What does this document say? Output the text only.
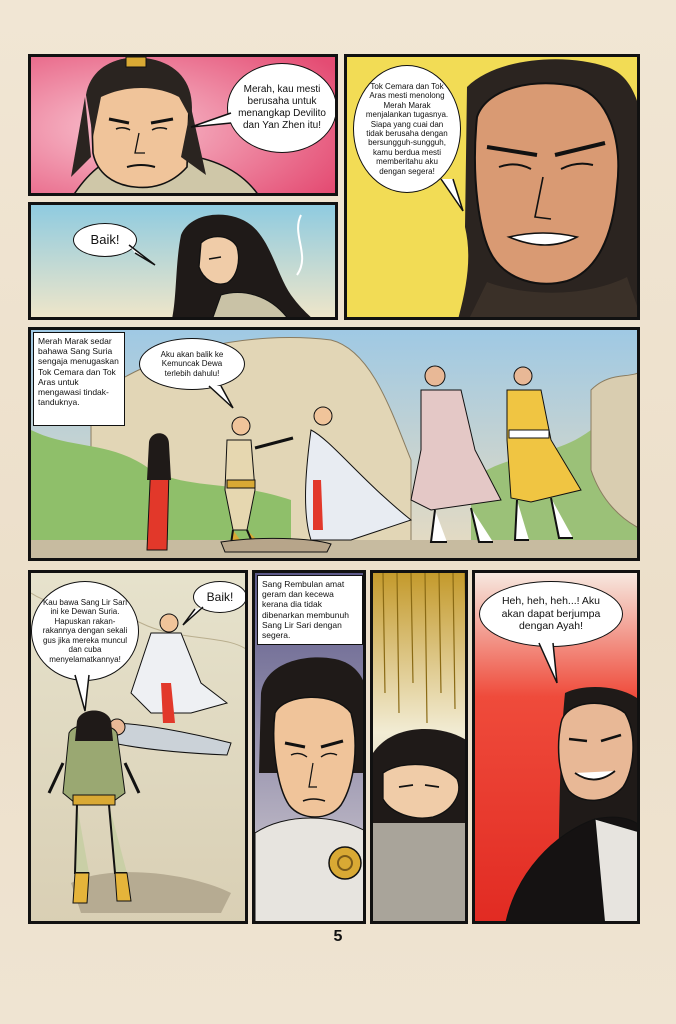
Merah, kau mesti berusaha untuk menangkap Devilito dan Yan Zhen itu!
Tok Cemara dan Tok Aras mesti menolong Merah Marak menjalankan tugasnya. Siapa yang cuai dan tidak berusaha dengan bersungguh-sungguh, kamu berdua mesti memberitahu aku dengan segera!
Baik!
Merah Marak sedar bahawa Sang Suria sengaja menugaskan Tok Cemara dan Tok Aras untuk mengawasi tindak-tanduknya.
Aku akan balik ke Kemuncak Dewa terlebih dahulu!
Kau bawa Sang Lir Sari ini ke Dewan Suria. Hapuskan rakan-rakannya dengan sekali gus jika mereka muncul dan cuba menyelamatkannya!
Baik!
Sang Rembulan amat geram dan kecewa kerana dia tidak dibenarkan membunuh Sang Lir Sari dengan segera.
Heh, heh, heh...! Aku akan dapat berjumpa dengan Ayah!
5
